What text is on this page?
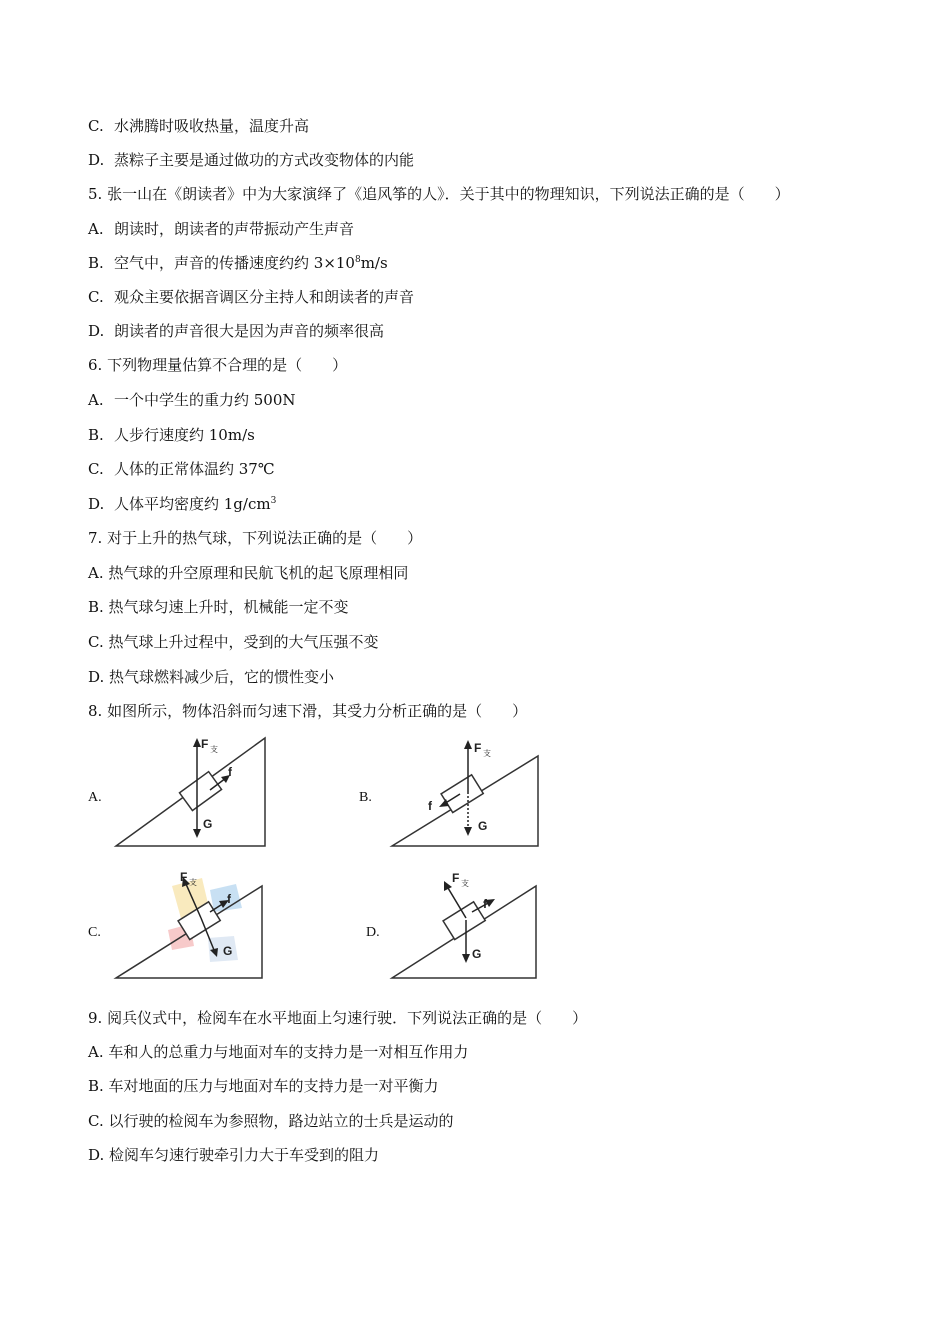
C. 水沸腾时吸收热量，温度升高
D. 蒸粽子主要是通过做功的方式改变物体的内能
5. 张一山在《朗读者》中为大家演绎了《追风筝的人》．关于其中的物理知识，下列说法正确的是（　　）
A. 朗读时，朗读者的声带振动产生声音
B. 空气中，声音的传播速度约约 $3\times 10^8m/s$
C. 观众主要依据音调区分主持人和朗读者的声音
D. 朗读者的声音很大是因为声音的频率很高
6. 下列物理量估算不合理的是（　　）
A. 一个中学生的重力约 500N
B. 人步行速度约 10m/s
C. 人体的正常体温约 37℃
D. 人体平均密度约 $1g/cm^3$
7. 对于上升的热气球，下列说法正确的是（　　）
A. 热气球的升空原理和民航飞机的起飞原理相同
B. 热气球匀速上升时，机械能一定不变
C. 热气球上升过程中，受到的大气压强不变
D. 热气球燃料减少后，它的惯性变小
8. 如图所示，物体沿斜而匀速下滑，其受力分析正确的是（　　）
A.
F 支
G
f
B.
F 支
G
f
C.
F 支
G
f
D.
F 支
G
f
9. 阅兵仪式中，检阅车在水平地面上匀速行驶．下列说法正确的是（　　）
A. 车和人的总重力与地面对车的支持力是一对相互作用力
B. 车对地面的压力与地面对车的支持力是一对平衡力
C. 以行驶的检阅车为参照物，路边站立的士兵是运动的
D. 检阅车匀速行驶牵引力大于车受到的阻力
